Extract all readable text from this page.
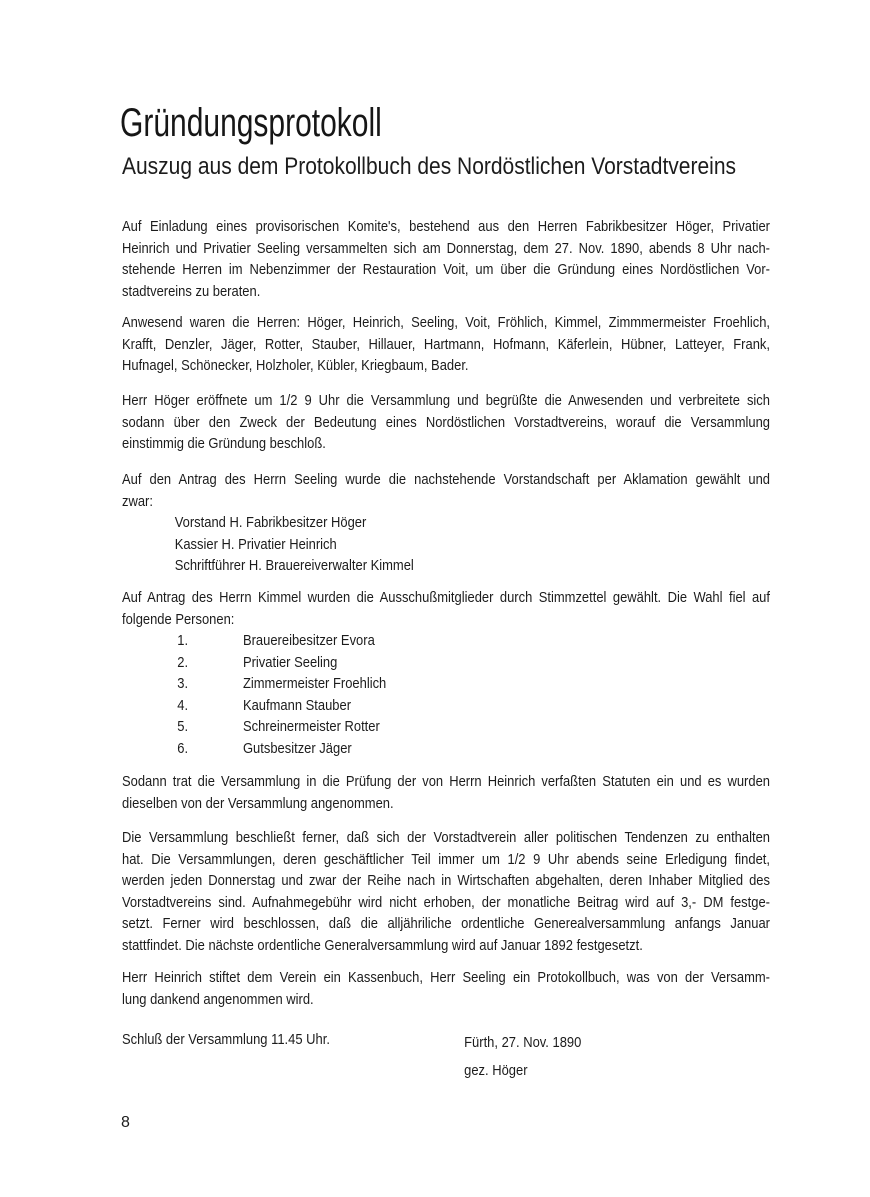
Gründungsprotokoll
Auszug aus dem Protokollbuch des Nordöstlichen Vorstadtvereins
Auf Einladung eines provisorischen Komite's, bestehend aus den Herren Fabrikbesitzer Höger, Privatier
Heinrich und Privatier Seeling versammelten sich am Donnerstag, dem 27. Nov. 1890, abends 8 Uhr nach-
stehende Herren im Nebenzimmer der Restauration Voit, um über die Gründung eines Nordöstlichen Vor-
stadtvereins zu beraten.
Anwesend waren die Herren: Höger, Heinrich, Seeling, Voit, Fröhlich, Kimmel, Zimmmermeister Froehlich,
Krafft, Denzler, Jäger, Rotter, Stauber, Hillauer, Hartmann, Hofmann, Käferlein, Hübner, Latteyer, Frank,
Hufnagel, Schönecker, Holzholer, Kübler, Kriegbaum, Bader.
Herr Höger eröffnete um 1/2 9 Uhr die Versammlung und begrüßte die Anwesenden und verbreitete sich
sodann über den Zweck der Bedeutung eines Nordöstlichen Vorstadtvereins, worauf die Versammlung
einstimmig die Gründung beschloß.
Auf den Antrag des Herrn Seeling wurde die nachstehende Vorstandschaft per Aklamation gewählt und
zwar:
Vorstand H. Fabrikbesitzer Höger
Kassier H. Privatier Heinrich
Schriftführer H. Brauereiverwalter Kimmel
Auf Antrag des Herrn Kimmel wurden die Ausschußmitglieder durch Stimmzettel gewählt. Die Wahl fiel auf
folgende Personen:
1.	Brauereibesitzer Evora
2.	Privatier Seeling
3.	Zimmermeister Froehlich
4.	Kaufmann Stauber
5.	Schreinermeister Rotter
6.	Gutsbesitzer Jäger
Sodann trat die Versammlung in die Prüfung der von Herrn Heinrich verfaßten Statuten ein und es wurden
dieselben von der Versammlung angenommen.
Die Versammlung beschließt ferner, daß sich der Vorstadtverein aller politischen Tendenzen zu enthalten
hat. Die Versammlungen, deren geschäftlicher Teil immer um 1/2 9 Uhr abends seine Erledigung findet,
werden jeden Donnerstag und zwar der Reihe nach in Wirtschaften abgehalten, deren Inhaber Mitglied des
Vorstadtvereins sind. Aufnahmegebühr wird nicht erhoben, der monatliche Beitrag wird auf 3,- DM festge-
setzt. Ferner wird beschlossen, daß die alljähriliche ordentliche Generealversammlung anfangs Januar
stattfindet. Die nächste ordentliche Generalversammlung wird auf Januar 1892 festgesetzt.
Herr Heinrich stiftet dem Verein ein Kassenbuch, Herr Seeling ein Protokollbuch, was von der Versamm-
lung dankend angenommen wird.
Schluß der Versammlung 11.45 Uhr.	Fürth, 27. Nov. 1890
gez. Höger
8
